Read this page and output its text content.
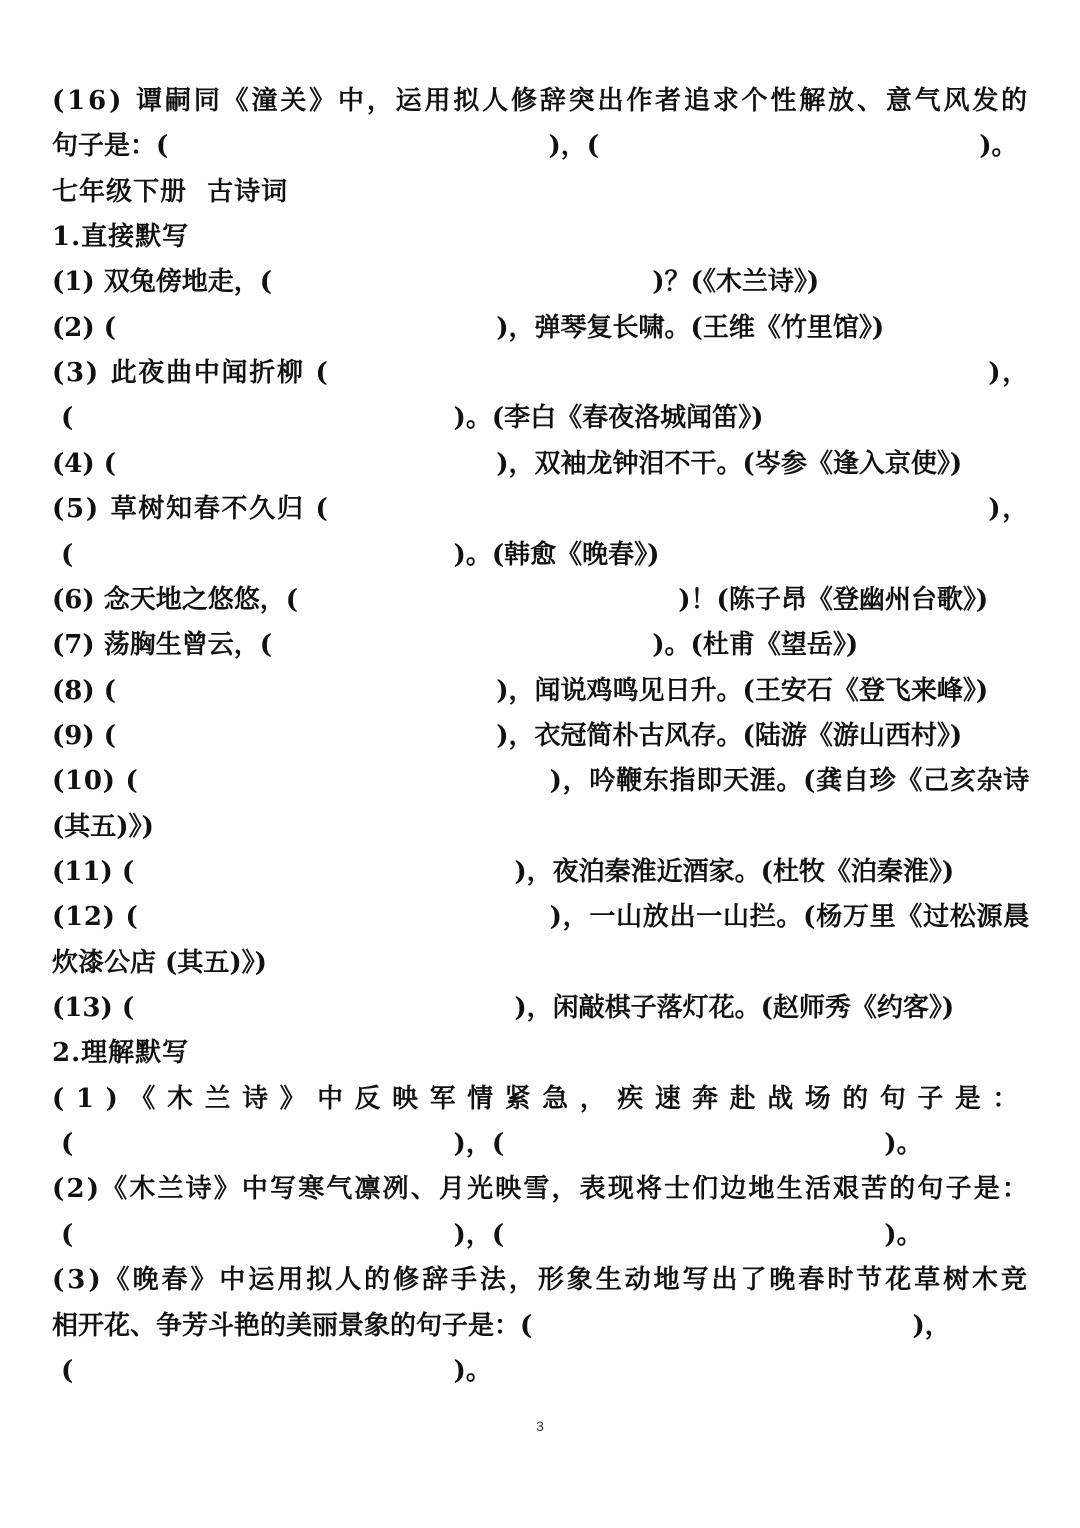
(16) 谭嗣同《潼关》中，运用拟人修辞突出作者追求个性解放、意气风发的
句子是：(                                          )，(                                          )。
七年级下册  古诗词
1.直接默写
(1) 双兔傍地走，(                                          )？(《木兰诗》)
(2) (                                          )，弹琴复长啸。(王维《竹里馆》)
(3) 此夜曲中闻折柳 (                                                             )，
(                                          )。(李白《春夜洛城闻笛》)
(4) (                                          )，双袖龙钟泪不干。(岑参《逢入京使》)
(5) 草树知春不久归 (                                                             )，
(                                          )。(韩愈《晚春》)
(6) 念天地之悠悠，(                                          )！(陈子昂《登幽州台歌》)
(7) 荡胸生曾云，(                                          )。(杜甫《望岳》)
(8) (                                          )，闻说鸡鸣见日升。(王安石《登飞来峰》)
(9) (                                          )，衣冠简朴古风存。(陆游《游山西村》)
(10) (                                          )，吟鞭东指即天涯。(龚自珍《己亥杂诗
(其五)》)
(11) (                                          )，夜泊秦淮近酒家。(杜牧《泊秦淮》)
(12) (                                          )，一山放出一山拦。(杨万里《过松源晨
炊漆公店 (其五)》)
(13) (                                          )，闲敲棋子落灯花。(赵师秀《约客》)
2.理解默写
(1)《木兰诗》中反映军情紧急，疾速奔赴战场的句子是：
(                                          )，(                                          )。
(2)《木兰诗》中写寒气凛冽、月光映雪，表现将士们边地生活艰苦的句子是：
(                                          )，(                                          )。
(3)《晚春》中运用拟人的修辞手法，形象生动地写出了晚春时节花草树木竞
相开花、争芳斗艳的美丽景象的句子是：(                                          )，
(                                          )。
3
